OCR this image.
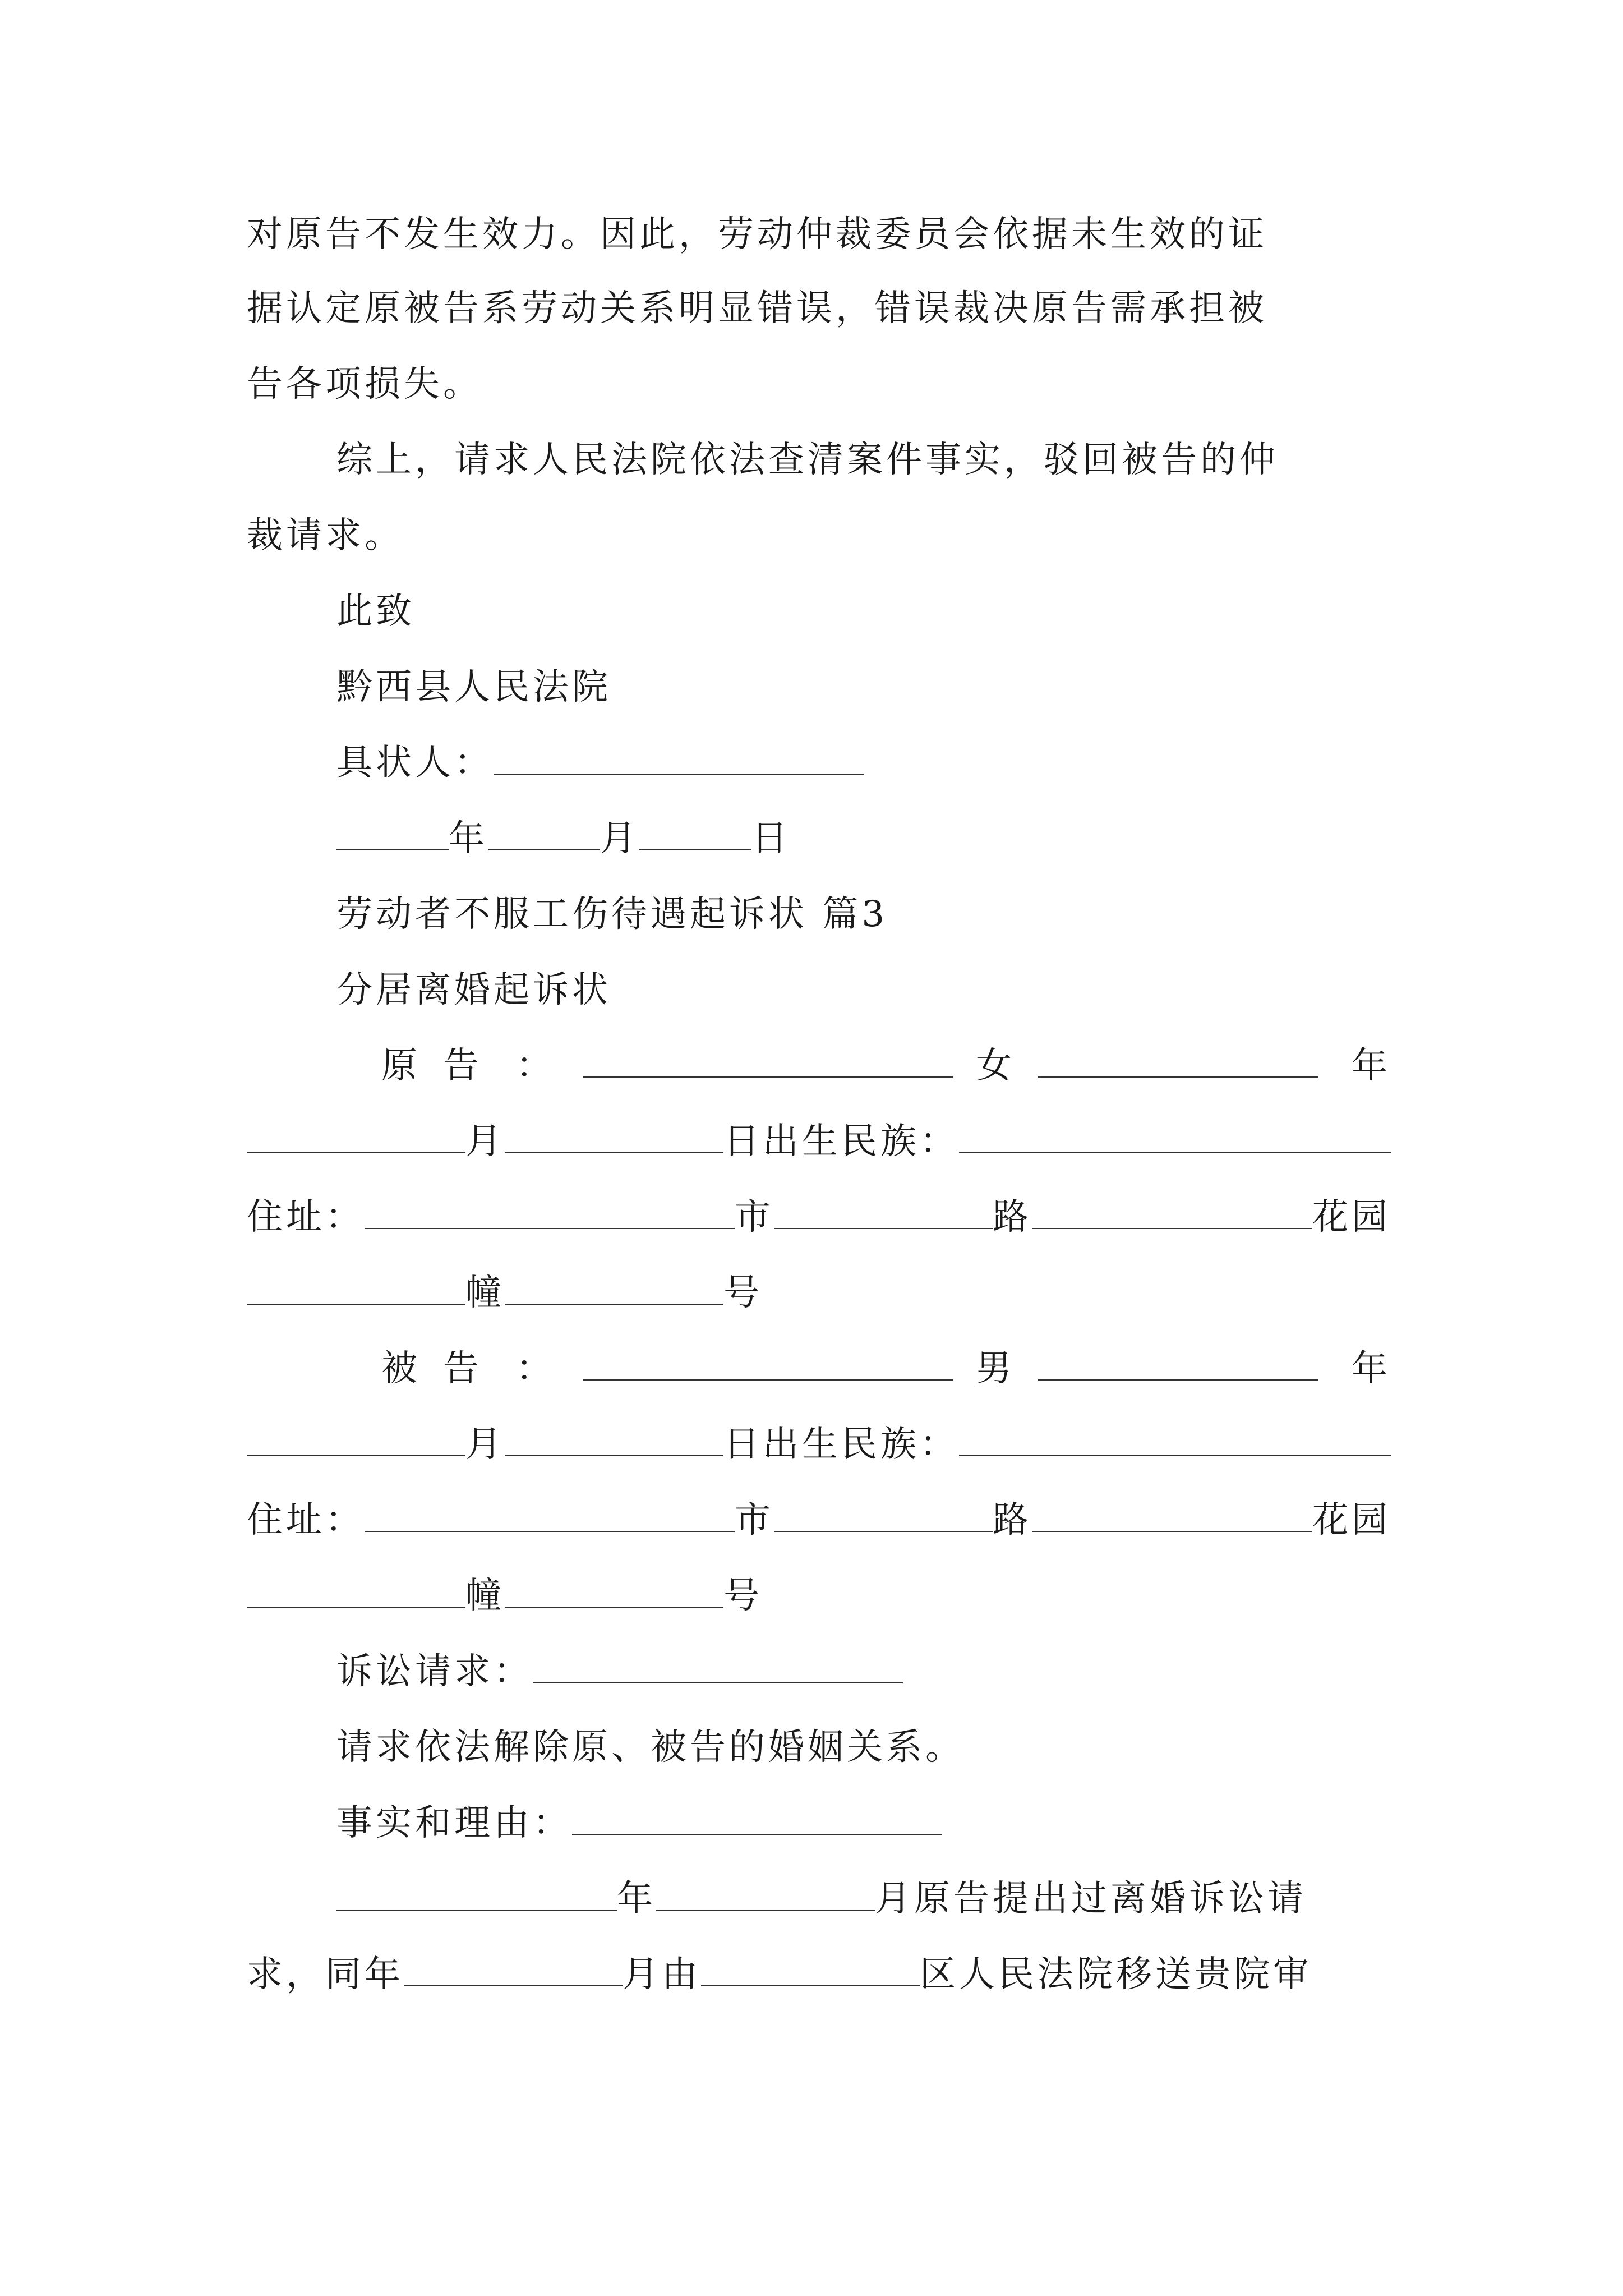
对原告不发生效力。因此，劳动仲裁委员会依据未生效的证
据认定原被告系劳动关系明显错误，错误裁决原告需承担被
告各项损失。
综上，请求人民法院依法查清案件事实，驳回被告的仲
裁请求。
此致
黔西县人民法院
具状人：
年	月	日
劳动者不服工伤待遇起诉状 篇3
分居离婚起诉状
原 告 ：	女	年
月	日出生民族：
住址：	市	路	花园
幢	号
被 告 ：	男	年
月	日出生民族：
住址：	市	路	花园
幢	号
诉讼请求：
请求依法解除原、被告的婚姻关系。
事实和理由：
年	月原告提出过离婚诉讼请
求，同年	月由	区人民法院移送贵院审
